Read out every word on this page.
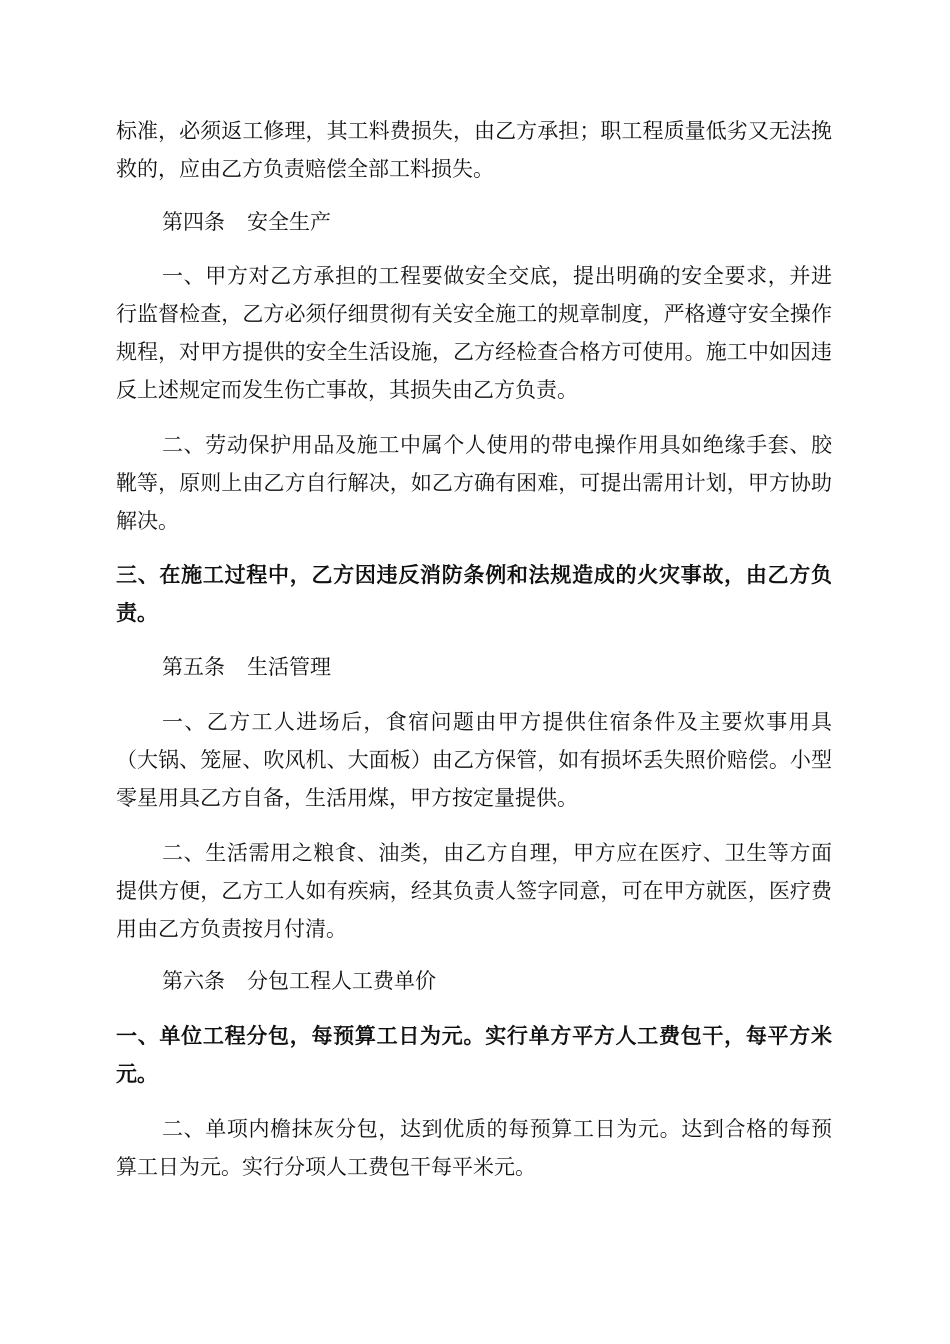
标准，必须返工修理，其工料费损失，由乙方承担；职工程质量低劣又无法挽救的，应由乙方负责赔偿全部工料损失。

第四条 安全生产

一、甲方对乙方承担的工程要做安全交底，提出明确的安全要求，并进行监督检查，乙方必须仔细贯彻有关安全施工的规章制度，严格遵守安全操作规程，对甲方提供的安全生活设施，乙方经检查合格方可使用。施工中如因违反上述规定而发生伤亡事故，其损失由乙方负责。

二、劳动保护用品及施工中属个人使用的带电操作用具如绝缘手套、胶靴等，原则上由乙方自行解决，如乙方确有困难，可提出需用计划，甲方协助解决。

三、在施工过程中，乙方因违反消防条例和法规造成的火灾事故，由乙方负责。

第五条 生活管理

一、乙方工人进场后，食宿问题由甲方提供住宿条件及主要炊事用具（大锅、笼屉、吹风机、大面板）由乙方保管，如有损坏丢失照价赔偿。小型零星用具乙方自备，生活用煤，甲方按定量提供。

二、生活需用之粮食、油类，由乙方自理，甲方应在医疗、卫生等方面提供方便，乙方工人如有疾病，经其负责人签字同意，可在甲方就医，医疗费用由乙方负责按月付清。

第六条 分包工程人工费单价

一、单位工程分包，每预算工日为元。实行单方平方人工费包干，每平方米元。

二、单项内檐抹灰分包，达到优质的每预算工日为元。达到合格的每预算工日为元。实行分项人工费包干每平米元。
